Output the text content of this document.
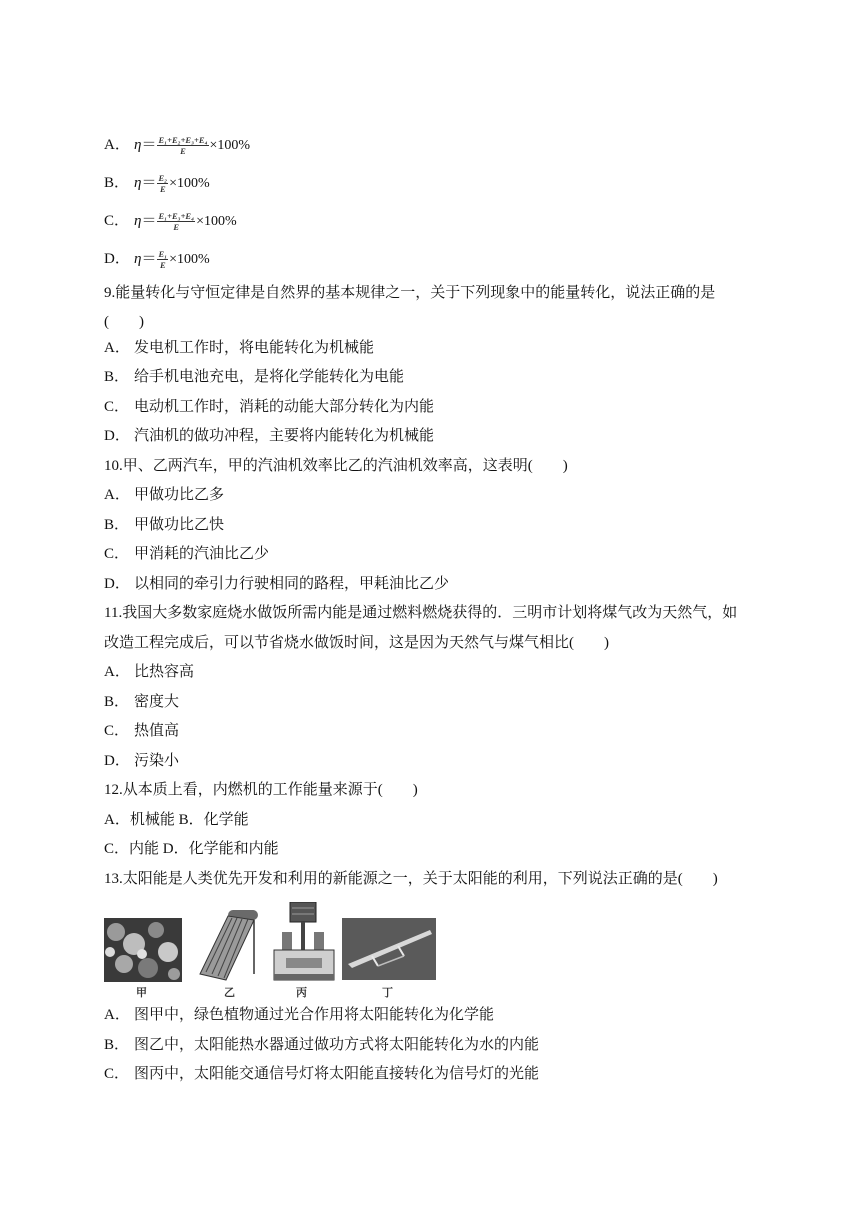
A． $\eta= \frac{\text{E₁+E₂+E₃+E₄}}{E} \times 100\%$
B． $\eta= \frac{\text{E₂}}{E} \times 100\%$
C． $\eta= \frac{\text{E₁+E₃+E₄}}{E} \times 100\%$
D． $\eta= \frac{\text{E₁}}{E} \times 100\%$
9.能量转化与守恒定律是自然界的基本规律之一，关于下列现象中的能量转化，说法正确的是
(　　)
A． 发电机工作时，将电能转化为机械能
B． 给手机电池充电，是将化学能转化为电能
C． 电动机工作时，消耗的动能大部分转化为内能
D． 汽油机的做功冲程，主要将内能转化为机械能
10.甲、乙两汽车，甲的汽油机效率比乙的汽油机效率高，这表明(　　)
A． 甲做功比乙多
B． 甲做功比乙快
C． 甲消耗的汽油比乙少
D． 以相同的牵引力行驶相同的路程，甲耗油比乙少
11.我国大多数家庭烧水做饭所需内能是通过燃料燃烧获得的．三明市计划将煤气改为天然气，如
改造工程完成后，可以节省烧水做饭时间，这是因为天然气与煤气相比(　　)
A． 比热容高
B． 密度大
C． 热值高
D． 污染小
12.从本质上看，内燃机的工作能量来源于(　　)
A．机械能 B．化学能
C．内能 D．化学能和内能
13.太阳能是人类优先开发和利用的新能源之一，关于太阳能的利用，下列说法正确的是(　　)
甲	乙	丙	丁
A． 图甲中，绿色植物通过光合作用将太阳能转化为化学能
B． 图乙中，太阳能热水器通过做功方式将太阳能转化为水的内能
C． 图丙中，太阳能交通信号灯将太阳能直接转化为信号灯的光能
